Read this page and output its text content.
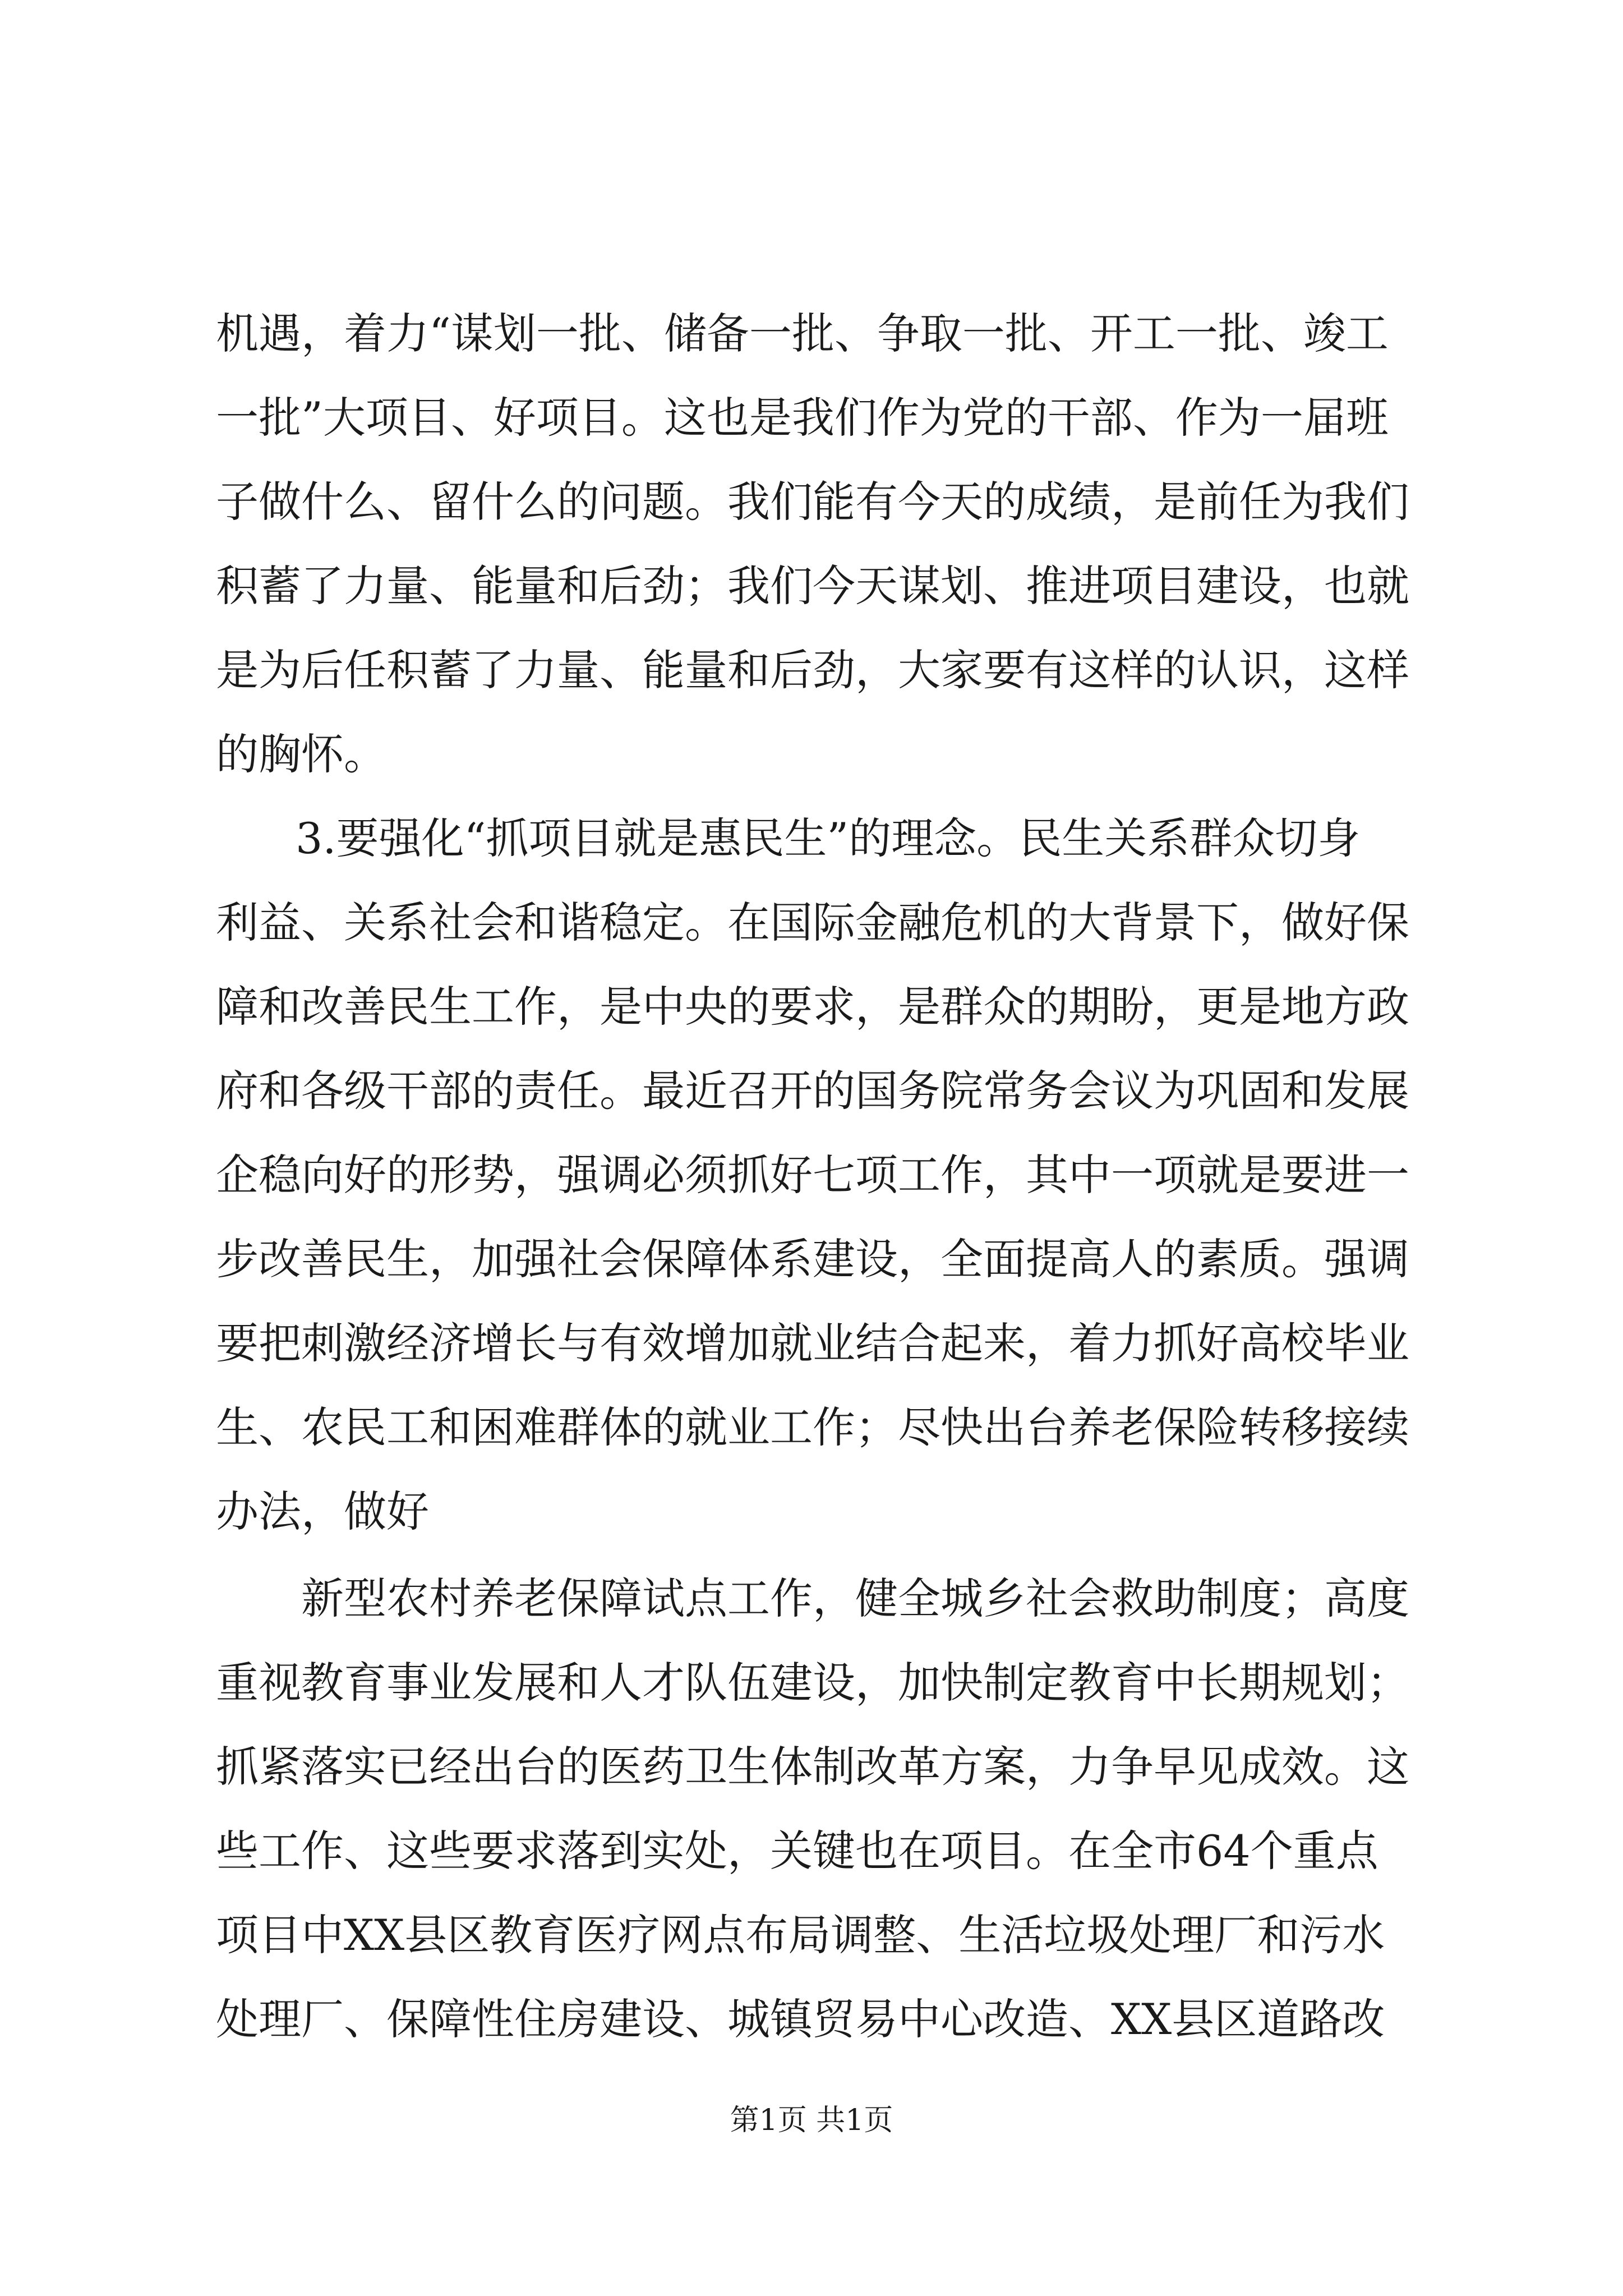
机遇，着力“谋划一批、储备一批、争取一批、开工一批、竣工
一批”大项目、好项目。这也是我们作为党的干部、作为一届班
子做什么、留什么的问题。我们能有今天的成绩，是前任为我们
积蓄了力量、能量和后劲；我们今天谋划、推进项目建设，也就
是为后任积蓄了力量、能量和后劲，大家要有这样的认识，这样
的胸怀。
3.要强化“抓项目就是惠民生”的理念。民生关系群众切身
利益、关系社会和谐稳定。在国际金融危机的大背景下，做好保
障和改善民生工作，是中央的要求，是群众的期盼，更是地方政
府和各级干部的责任。最近召开的国务院常务会议为巩固和发展
企稳向好的形势，强调必须抓好七项工作，其中一项就是要进一
步改善民生，加强社会保障体系建设，全面提高人的素质。强调
要把刺激经济增长与有效增加就业结合起来，着力抓好高校毕业
生、农民工和困难群体的就业工作；尽快出台养老保险转移接续
办法，做好
新型农村养老保障试点工作，健全城乡社会救助制度；高度
重视教育事业发展和人才队伍建设，加快制定教育中长期规划；
抓紧落实已经出台的医药卫生体制改革方案，力争早见成效。这
些工作、这些要求落到实处，关键也在项目。在全市64个重点
项目中XX县区教育医疗网点布局调整、生活垃圾处理厂和污水
处理厂、保障性住房建设、城镇贸易中心改造、XX县区道路改
第1页 共1页
